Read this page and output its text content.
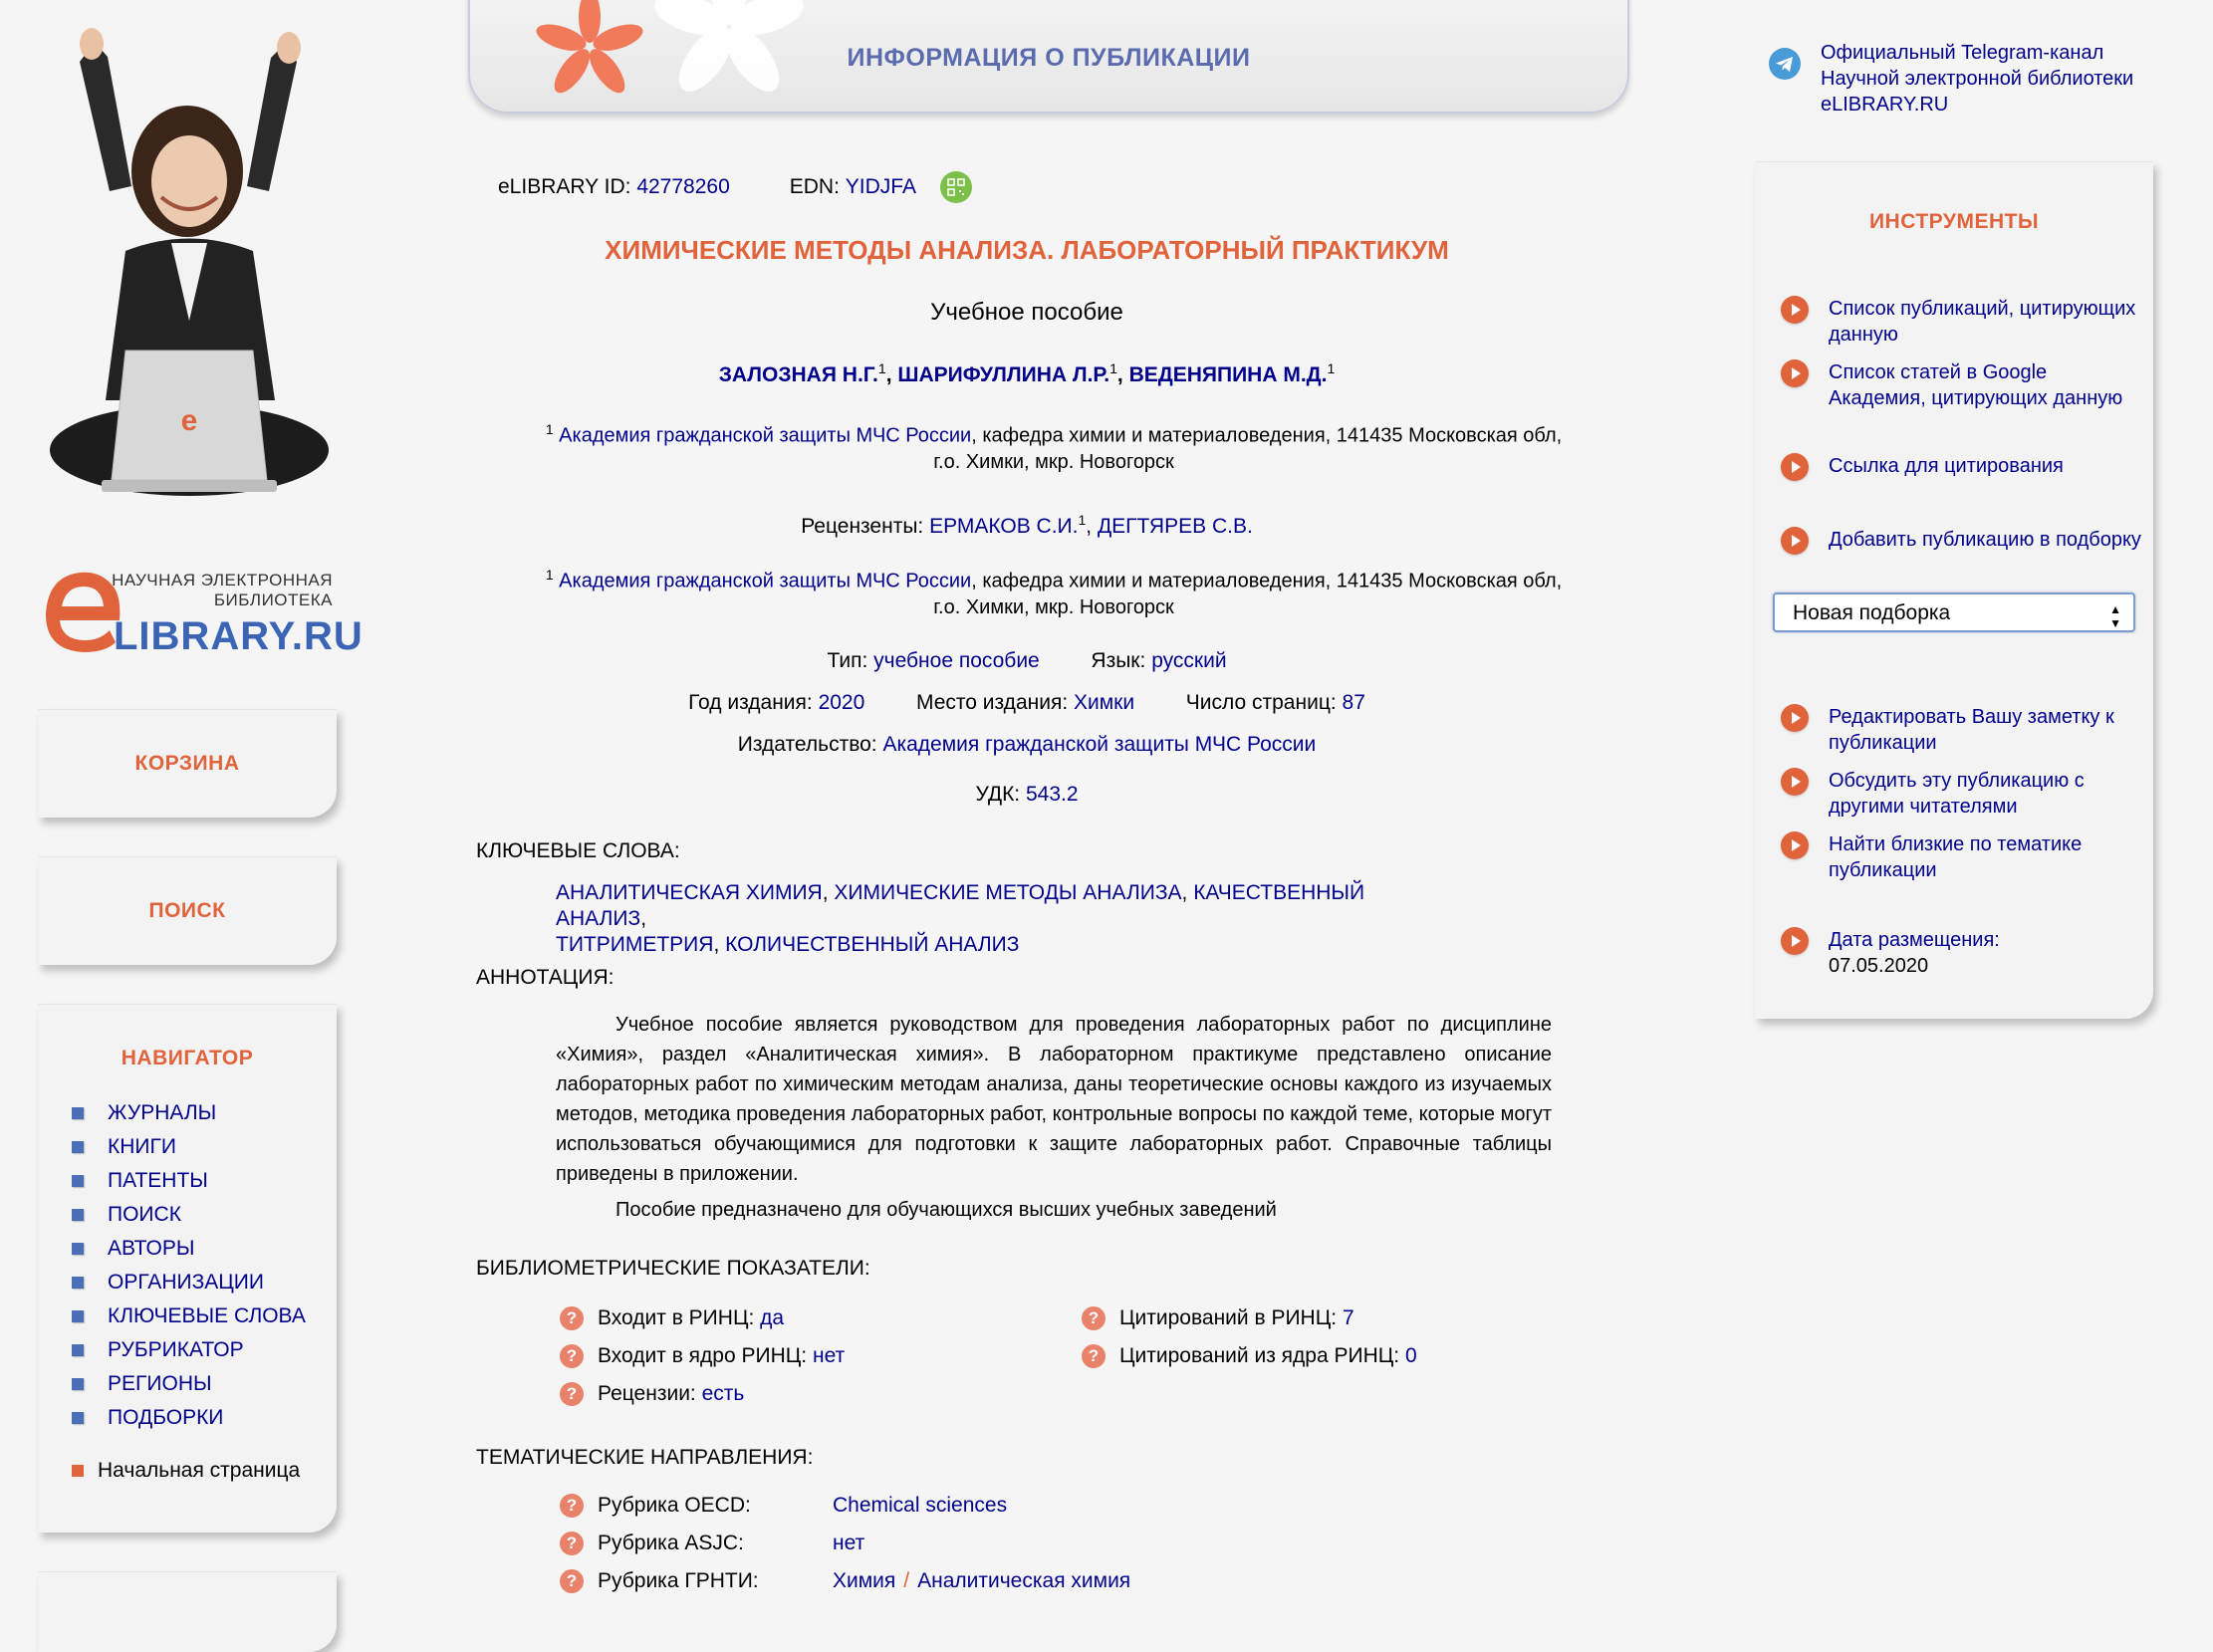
e
НАУЧНАЯ ЭЛЕКТРОННАЯ
БИБЛИОТЕКА
LIBRARY.RU
КОРЗИНА
ПОИСК
НАВИГАТОР
ЖУРНАЛЫ
КНИГИ
ПАТЕНТЫ
ПОИСК
АВТОРЫ
ОРГАНИЗАЦИИ
КЛЮЧЕВЫЕ СЛОВА
РУБРИКАТОР
РЕГИОНЫ
ПОДБОРКИ
Начальная страница
ИНФОРМАЦИЯ О ПУБЛИКАЦИИ
eLIBRARY ID:
42778260	EDN:
YIDJFA
ХИМИЧЕСКИЕ МЕТОДЫ АНАЛИЗА. ЛАБОРАТОРНЫЙ ПРАКТИКУМ
Учебное пособие
ЗАЛОЗНАЯ Н.Г.$^1$, ШАРИФУЛЛИНА Л.Р.$^1$, ВЕДЕНЯПИНА М.Д.$^1$
$^1$ Академия гражданской защиты МЧС России, кафедра химии и материаловедения, 141435 Московская обл, г.о. Химки, мкр. Новогорск
Рецензенты: ЕРМАКОВ С.И.$^1$, ДЕГТЯРЕВ С.В.
$^1$ Академия гражданской защиты МЧС России, кафедра химии и материаловедения, 141435 Московская обл, г.о. Химки, мкр. Новогорск
Тип: учебное пособие Язык: русский
Год издания: 2020 Место издания: Химки Число страниц: 87
Издательство: Академия гражданской защиты МЧС России
УДК: 543.2
КЛЮЧЕВЫЕ СЛОВА:
АНАЛИТИЧЕСКАЯ ХИМИЯ, ХИМИЧЕСКИЕ МЕТОДЫ АНАЛИЗА, КАЧЕСТВЕННЫЙ АНАЛИЗ,
ТИТРИМЕТРИЯ, КОЛИЧЕСТВЕННЫЙ АНАЛИЗ
АННОТАЦИЯ:

Учебное пособие является руководством для проведения лабораторных работ по дисциплине «Химия», раздел «Аналитическая химия». В лабораторном практикуме представлено описание лабораторных работ по химическим методам анализа, даны теоретические основы каждого из изучаемых методов, методика проведения лабораторных работ, контрольные вопросы по каждой теме, которые могут использоваться обучающимися для подготовки к защите лабораторных работ. Справочные таблицы приведены в приложении.

Пособие предназначено для обучающихся высших учебных заведений

БИБЛИОМЕТРИЧЕСКИЕ ПОКАЗАТЕЛИ:
? Входит в РИНЦ:
да
? Входит в ядро РИНЦ:
нет
? Рецензии:
есть
? Цитирований в РИНЦ:
7
? Цитирований из ядра РИНЦ:
0
ТЕМАТИЧЕСКИЕ НАПРАВЛЕНИЯ:
? Рубрика OECD:	Chemical sciences
? Рубрика ASJC:	нет
? Рубрика ГРНТИ:	Химия / Аналитическая химия
Официальный Telegram-канал Научной электронной библиотеки eLIBRARY.RU
ИНСТРУМЕНТЫ
Список публикаций, цитирующих данную
Список статей в Google Академия, цитирующих данную
Ссылка для цитирования
Добавить публикацию в подборку
Новая подборка	▲
▼
Редактировать Вашу заметку к публикации
Обсудить эту публикацию с другими читателями
Найти близкие по тематике публикации
Дата размещения:
07.05.2020
